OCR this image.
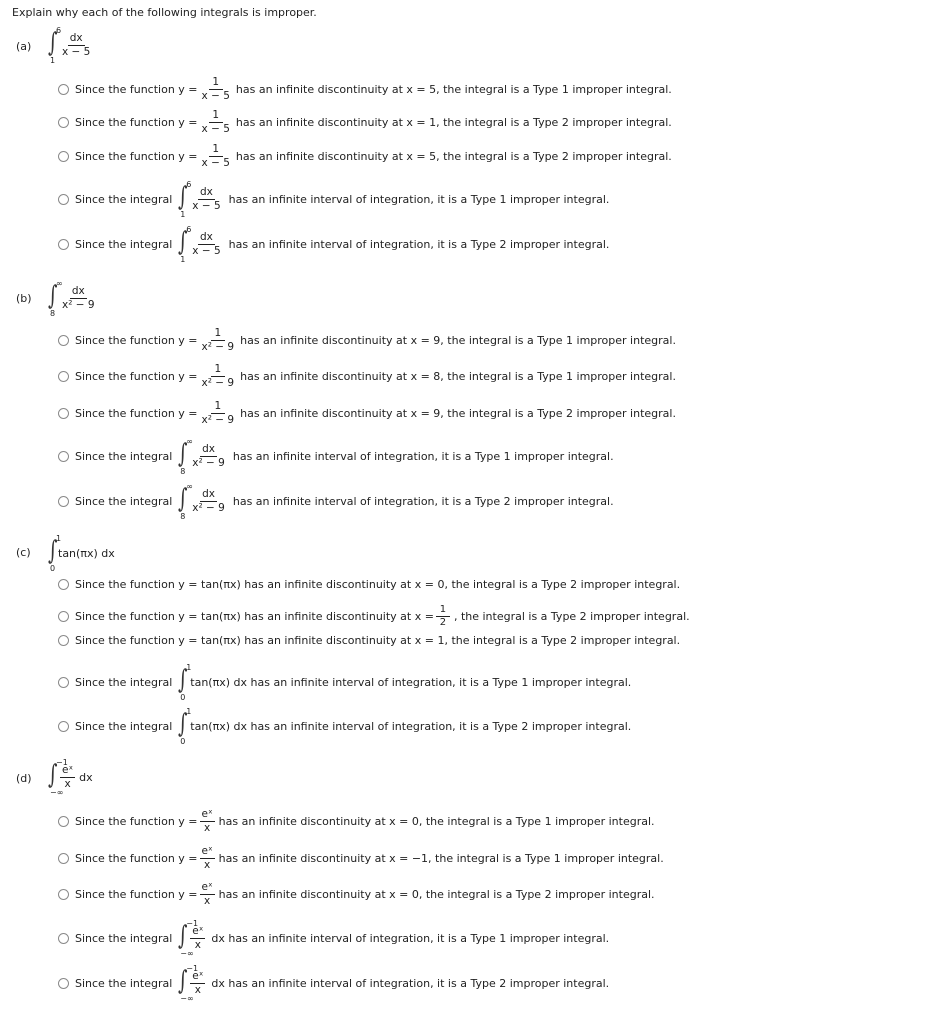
Explain why each of the following integrals is improper.
(a) ∫
6
1
$\frac{dx}{x - 5}$
Since the function $y = \frac{1}{x - 5}$ has an infinite discontinuity at x = 5, the integral is a Type 1 improper integral.
Since the function $y = \frac{1}{x - 5}$ has an infinite discontinuity at x = 1, the integral is a Type 2 improper integral.
Since the function $y = \frac{1}{x - 5}$ has an infinite discontinuity at x = 5, the integral is a Type 2 improper integral.
Since the integral ∫
6
1
$\frac{dx}{x - 5}$ has an infinite interval of integration, it is a Type 1 improper integral.
Since the integral ∫
6
1
$\frac{dx}{x - 5}$ has an infinite interval of integration, it is a Type 2 improper integral.
(b) ∫
∞
8
$\frac{dx}{\text{x² − 9}}$
Since the function $y = \frac{1}{\text{x² − 9}}$ has an infinite discontinuity at x = 9, the integral is a Type 1 improper integral.
Since the function $y = \frac{1}{\text{x² − 9}}$ has an infinite discontinuity at x = 8, the integral is a Type 1 improper integral.
Since the function $y = \frac{1}{\text{x² − 9}}$ has an infinite discontinuity at x = 9, the integral is a Type 2 improper integral.
Since the integral ∫
∞
8
$\frac{dx}{\text{x² − 9}}$ has an infinite interval of integration, it is a Type 1 improper integral.
Since the integral ∫
∞
8
$\frac{dx}{\text{x² − 9}}$ has an infinite interval of integration, it is a Type 2 improper integral.
(c) ∫
1
0
tan(πx) dx
Since the function y = tan(πx) has an infinite discontinuity at x = 0, the integral is a Type 2 improper integral.
Since the function y = tan(πx) has an infinite discontinuity at $x = \frac{1}{2}$ , the integral is a Type 2 improper integral.
Since the function y = tan(πx) has an infinite discontinuity at x = 1, the integral is a Type 2 improper integral.
Since the integral ∫
1
0
tan(πx) dx has an infinite interval of integration, it is a Type 1 improper integral.
Since the integral ∫
1
0
tan(πx) dx has an infinite interval of integration, it is a Type 2 improper integral.
(d) ∫
−1
−∞
$\frac{\text{eˣ}}{x}$ dx
Since the function $y = \frac{\text{eˣ}}{x}$ has an infinite discontinuity at x = 0, the integral is a Type 1 improper integral.
Since the function $y = \frac{\text{eˣ}}{x}$ has an infinite discontinuity at x = −1, the integral is a Type 1 improper integral.
Since the function $y = \frac{\text{eˣ}}{x}$ has an infinite discontinuity at x = 0, the integral is a Type 2 improper integral.
Since the integral ∫
−1
−∞
$\frac{\text{eˣ}}{x}$ dx has an infinite interval of integration, it is a Type 1 improper integral.
Since the integral ∫
−1
−∞
$\frac{\text{eˣ}}{x}$ dx has an infinite interval of integration, it is a Type 2 improper integral.
